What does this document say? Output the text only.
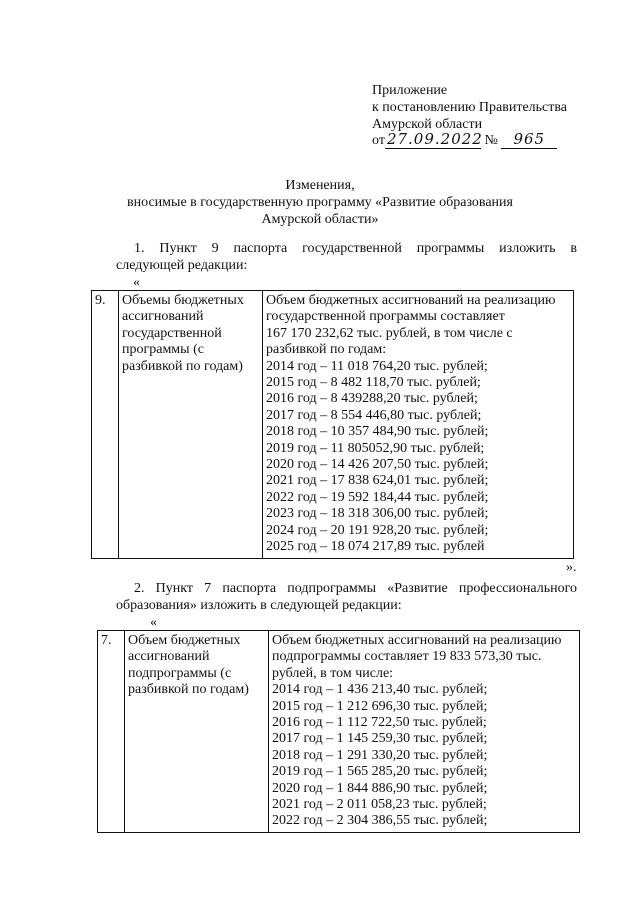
Приложение
к постановлению Правительства
Амурской области
от 27.09.2022 № 965
Изменения,
вносимые в государственную программу «Развитие образования
Амурской области»
1. Пункт 9 паспорта государственной программы изложить в
следующей редакции:
«
9.	Объемы бюджетных
ассигнований
государственной
программы (с
разбивкой по годам)

Объем бюджетных ассигнований на реализацию
государственной программы составляет
167 170 232,62 тыс. рублей, в том числе с
разбивкой по годам:
2014 год – 11 018 764,20 тыс. рублей;
2015 год – 8 482 118,70 тыс. рублей;
2016 год – 8 439288,20 тыс. рублей;
2017 год – 8 554 446,80 тыс. рублей;
2018 год – 10 357 484,90 тыс. рублей;
2019 год – 11 805052,90 тыс. рублей;
2020 год – 14 426 207,50 тыс. рублей;
2021 год – 17 838 624,01 тыс. рублей;
2022 год – 19 592 184,44 тыс. рублей;
2023 год – 18 318 306,00 тыс. рублей;
2024 год – 20 191 928,20 тыс. рублей;
2025 год – 18 074 217,89 тыс. рублей
».
2. Пункт 7 паспорта подпрограммы «Развитие профессионального
образования» изложить в следующей редакции:
«
7.	Объем бюджетных
ассигнований
подпрограммы (с
разбивкой по годам)

Объем бюджетных ассигнований на реализацию
подпрограммы составляет 19 833 573,30 тыс.
рублей, в том числе:
2014 год – 1 436 213,40 тыс. рублей;
2015 год – 1 212 696,30 тыс. рублей;
2016 год – 1 112 722,50 тыс. рублей;
2017 год – 1 145 259,30 тыс. рублей;
2018 год – 1 291 330,20 тыс. рублей;
2019 год – 1 565 285,20 тыс. рублей;
2020 год – 1 844 886,90 тыс. рублей;
2021 год – 2 011 058,23 тыс. рублей;
2022 год – 2 304 386,55 тыс. рублей;
